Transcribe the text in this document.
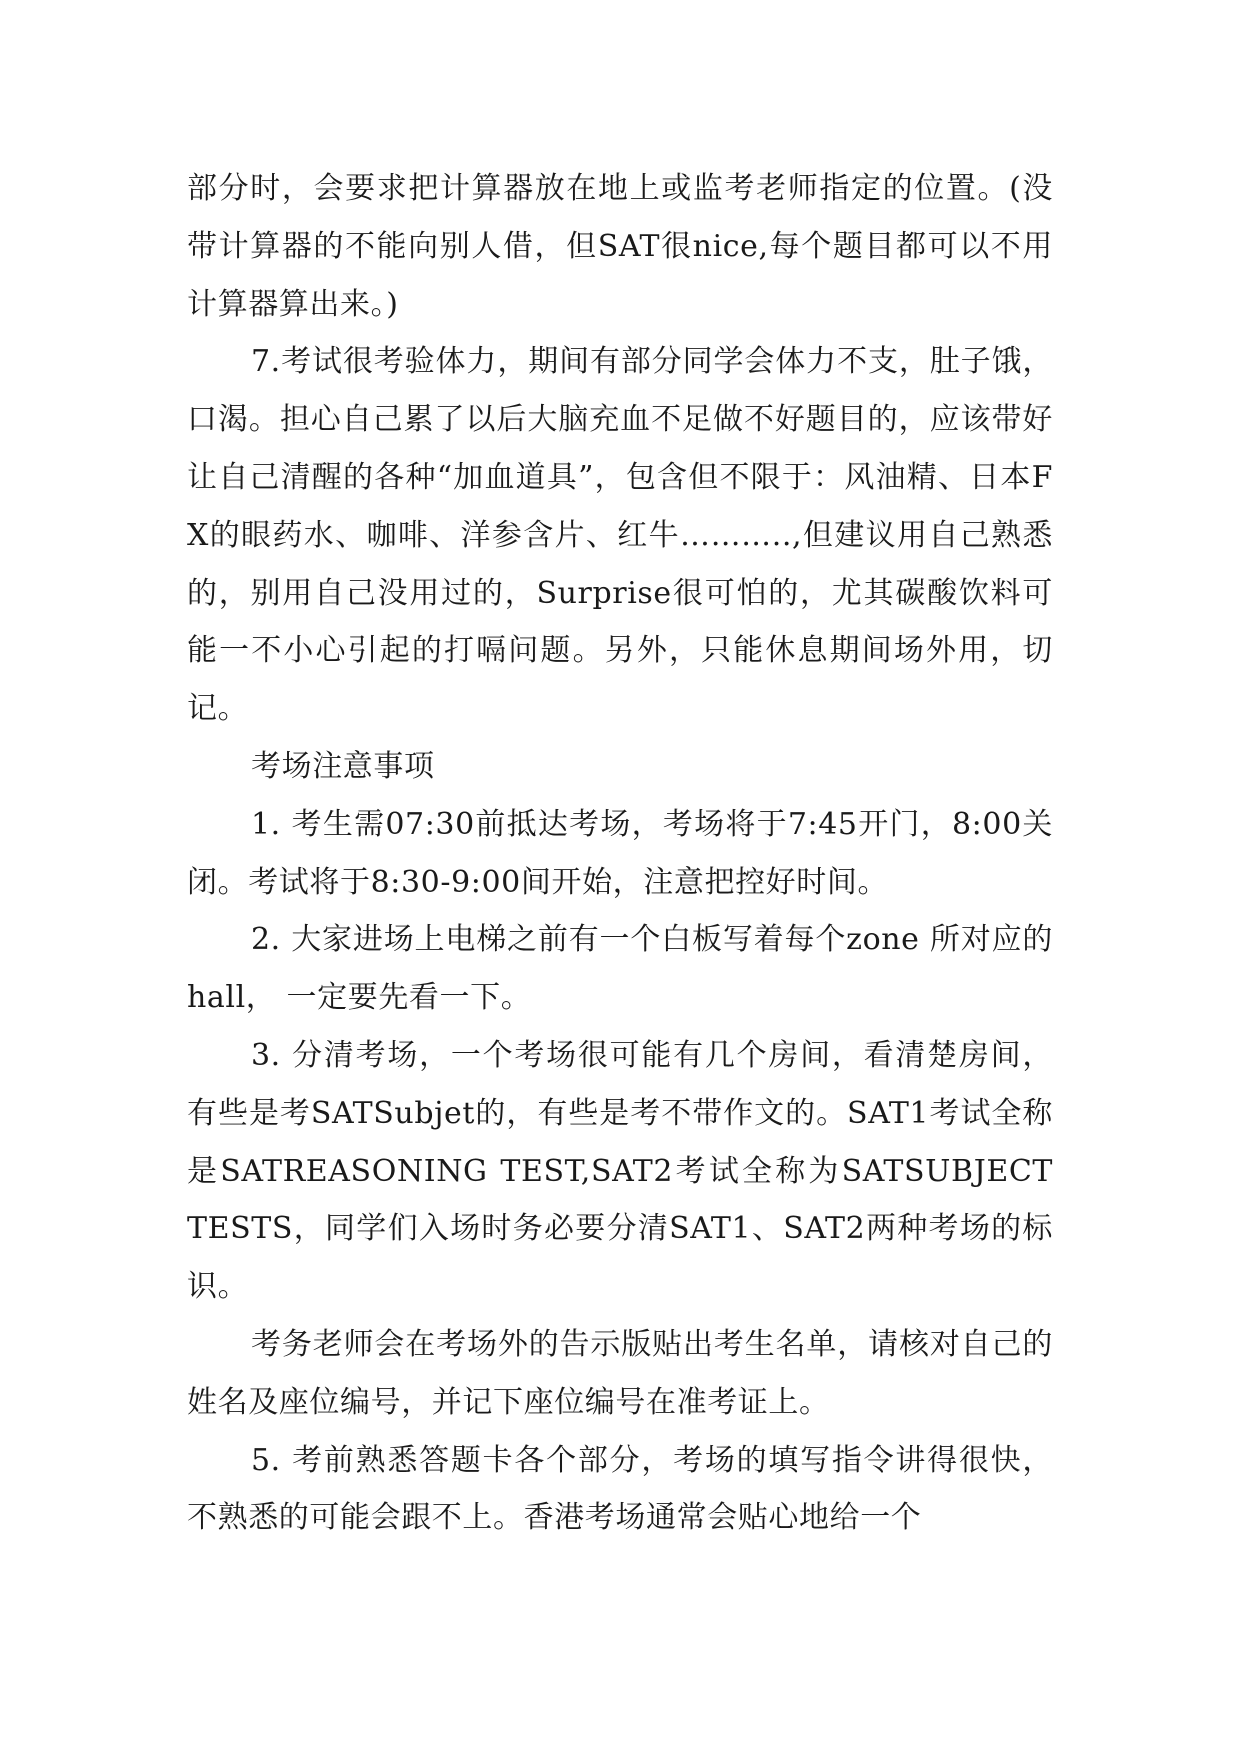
部分时，会要求把计算器放在地上或监考老师指定的位置。(没带计算器的不能向别人借，但SAT很nice,每个题目都可以不用计算器算出来。)

7.考试很考验体力，期间有部分同学会体力不支，肚子饿，口渴。担心自己累了以后大脑充血不足做不好题目的，应该带好让自己清醒的各种“加血道具”，包含但不限于：风油精、日本FX的眼药水、咖啡、洋参含片、红牛………..,但建议用自己熟悉的，别用自己没用过的，Surprise很可怕的，尤其碳酸饮料可能一不小心引起的打嗝问题。另外，只能休息期间场外用，切记。

考场注意事项

1. 考生需07:30前抵达考场，考场将于7:45开门，8:00关闭。考试将于8:30-9:00间开始，注意把控好时间。

2. 大家进场上电梯之前有一个白板写着每个zone 所对应的hall， 一定要先看一下。

3. 分清考场，一个考场很可能有几个房间，看清楚房间，有些是考SATSubjet的，有些是考不带作文的。SAT1考试全称是SATREASONING TEST,SAT2考试全称为SATSUBJECT TESTS，同学们入场时务必要分清SAT1、SAT2两种考场的标识。

考务老师会在考场外的告示版贴出考生名单，请核对自己的姓名及座位编号，并记下座位编号在准考证上。

5. 考前熟悉答题卡各个部分，考场的填写指令讲得很快，不熟悉的可能会跟不上。香港考场通常会贴心地给一个
